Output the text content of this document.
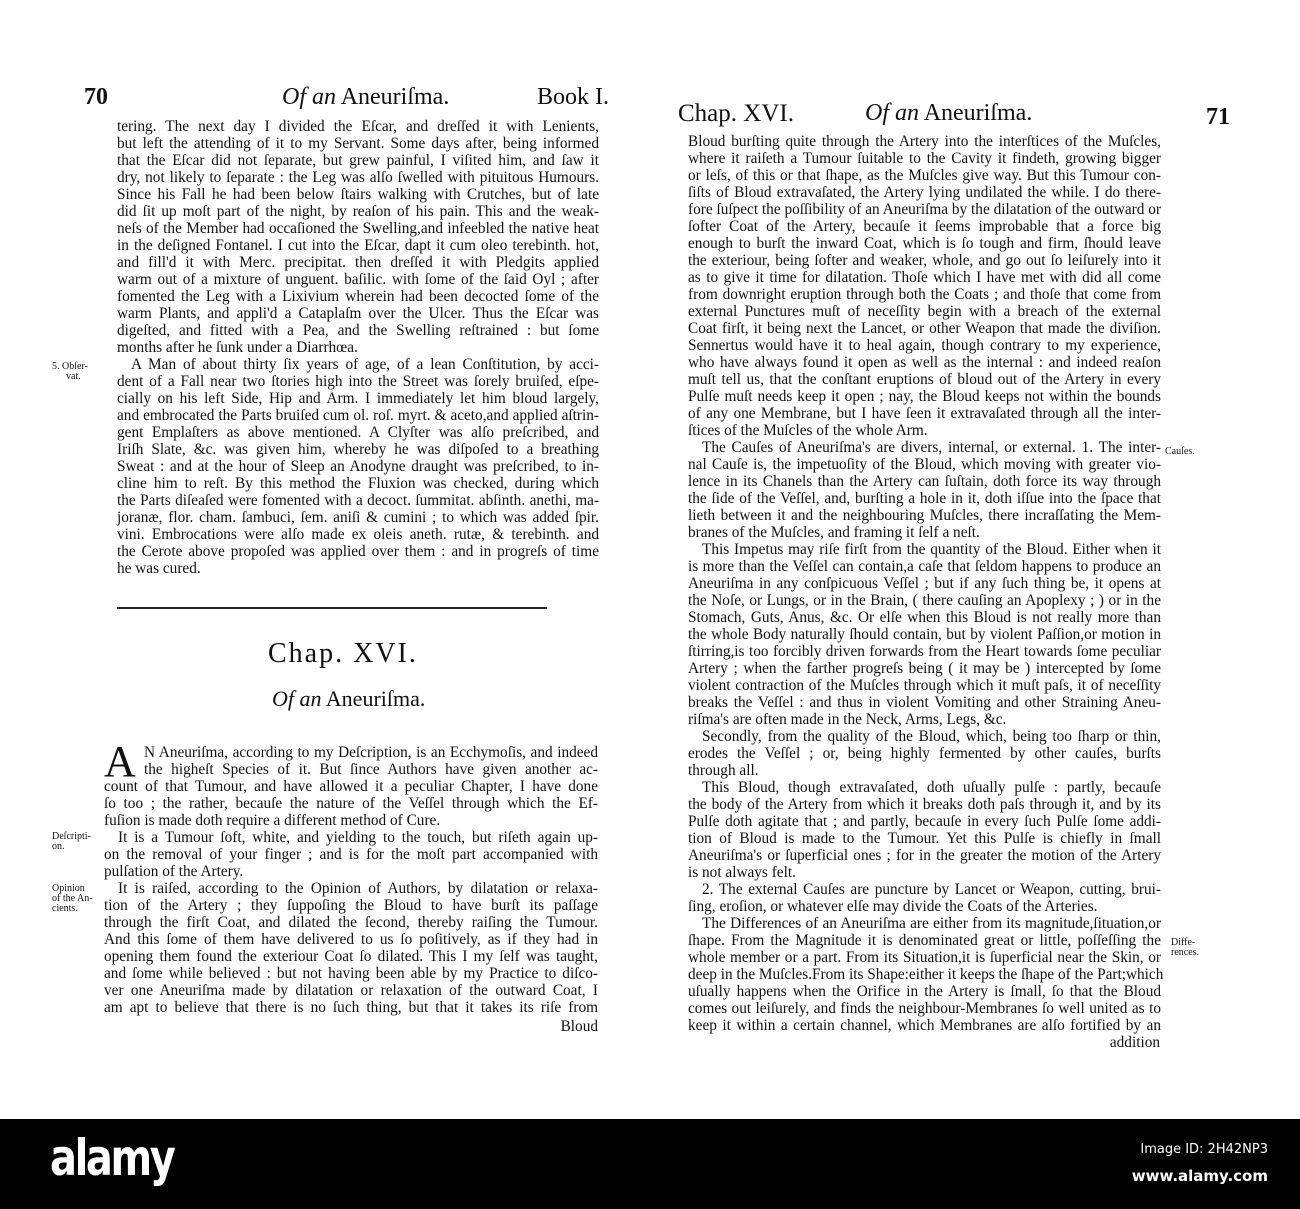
70	Of an Aneuriſma.	Book I.
tering. The next day I divided the Eſcar, and dreſſed it with Lenients,
but left the attending of it to my Servant. Some days after, being informed
that the Eſcar did not ſeparate, but grew painful, I viſited him, and ſaw it
dry, not likely to ſeparate : the Leg was alſo ſwelled with pituitous Humours.
Since his Fall he had been below ſtairs walking with Crutches, but of late
did ſit up moſt part of the night, by reaſon of his pain. This and the weak-
neſs of the Member had occaſioned the Swelling,and infeebled the native heat
in the deſigned Fontanel. I cut into the Eſcar, dapt it cum oleo terebinth. hot,
and fill'd it with Merc. precipitat. then dreſſed it with Pledgits applied
warm out of a mixture of unguent. baſilic. with ſome of the ſaid Oyl ; after
fomented the Leg with a Lixivium wherein had been decocted ſome of the
warm Plants, and appli'd a Cataplaſm over the Ulcer. Thus the Eſcar was
digeſted, and fitted with a Pea, and the Swelling reſtrained : but ſome
months after he ſunk under a Diarrhœa.
A Man of about thirty ſix years of age, of a lean Conſtitution, by acci-
dent of a Fall near two ſtories high into the Street was ſorely bruiſed, eſpe-
cially on his left Side, Hip and Arm. I immediately let him bloud largely,
and embrocated the Parts bruiſed cum ol. roſ. myrt. & aceto,and applied aſtrin-
gent Emplaſters as above mentioned. A Clyſter was alſo preſcribed, and
Iriſh Slate, &c. was given him, whereby he was diſpoſed to a breathing
Sweat : and at the hour of Sleep an Anodyne draught was preſcribed, to in-
cline him to reſt. By this method the Fluxion was checked, during which
the Parts diſeaſed were fomented with a decoct. ſummitat. abſinth. anethi, ma-
joranæ, flor. cham. ſambuci, ſem. aniſi & cumini ; to which was added ſpir.
vini. Embrocations were alſo made ex oleis aneth. rutæ, & terebinth. and
the Cerote above propoſed was applied over them : and in progreſs of time
he was cured.
5. Obſer-
vat.
Chap. XVI.
Of an Aneuriſma.
A N Aneuriſma, according to my Deſcription, is an Ecchymoſis, and indeed
the higheſt Species of it. But ſince Authors have given another ac-
count of that Tumour, and have allowed it a peculiar Chapter, I have done
ſo too ; the rather, becauſe the nature of the Veſſel through which the Ef-
fuſion is made doth require a different method of Cure.
It is a Tumour ſoft, white, and yielding to the touch, but riſeth again up-
on the removal of your finger ; and is for the moſt part accompanied with
pulſation of the Artery.
It is raiſed, according to the Opinion of Authors, by dilatation or relaxa-
tion of the Artery ; they ſuppoſing the Bloud to have burſt its paſſage
through the firſt Coat, and dilated the ſecond, thereby raiſing the Tumour.
And this ſome of them have delivered to us ſo poſitively, as if they had in
opening them found the exteriour Coat ſo dilated. This I my ſelf was taught,
and ſome while believed : but not having been able by my Practice to diſco-
ver one Aneuriſma made by dilatation or relaxation of the outward Coat, I
am apt to believe that there is no ſuch thing, but that it takes its riſe from
Bloud
Deſcripti-
on.
Opinion
of the An-
cients.
Chap. XVI.	Of an Aneuriſma.	71
Bloud burſting quite through the Artery into the interſtices of the Muſcles,
where it raiſeth a Tumour ſuitable to the Cavity it findeth, growing bigger
or leſs, of this or that ſhape, as the Muſcles give way. But this Tumour con-
ſiſts of Bloud extravaſated, the Artery lying undilated the while. I do there-
fore ſuſpect the poſſibility of an Aneuriſma by the dilatation of the outward or
ſofter Coat of the Artery, becauſe it ſeems improbable that a force big
enough to burſt the inward Coat, which is ſo tough and firm, ſhould leave
the exteriour, being ſofter and weaker, whole, and go out ſo leiſurely into it
as to give it time for dilatation. Thoſe which I have met with did all come
from downright eruption through both the Coats ; and thoſe that come from
external Punctures muſt of neceſſity begin with a breach of the external
Coat firſt, it being next the Lancet, or other Weapon that made the diviſion.
Sennertus would have it to heal again, though contrary to my experience,
who have always found it open as well as the internal : and indeed reaſon
muſt tell us, that the conſtant eruptions of bloud out of the Artery in every
Pulſe muſt needs keep it open ; nay, the Bloud keeps not within the bounds
of any one Membrane, but I have ſeen it extravaſated through all the inter-
ſtices of the Muſcles of the whole Arm.
The Cauſes of Aneuriſma's are divers, internal, or external. 1. The inter-
nal Cauſe is, the impetuoſity of the Bloud, which moving with greater vio-
lence in its Chanels than the Artery can ſuſtain, doth force its way through
the ſide of the Veſſel, and, burſting a hole in it, doth iſſue into the ſpace that
lieth between it and the neighbouring Muſcles, there incraſſating the Mem-
branes of the Muſcles, and framing it ſelf a neſt.
This Impetus may riſe firſt from the quantity of the Bloud. Either when it
is more than the Veſſel can contain,a caſe that ſeldom happens to produce an
Aneuriſma in any conſpicuous Veſſel ; but if any ſuch thing be, it opens at
the Noſe, or Lungs, or in the Brain, ( there cauſing an Apoplexy ; ) or in the
Stomach, Guts, Anus, &c. Or elſe when this Bloud is not really more than
the whole Body naturally ſhould contain, but by violent Paſſion,or motion in
ſtirring,is too forcibly driven forwards from the Heart towards ſome peculiar
Artery ; when the farther progreſs being ( it may be ) intercepted by ſome
violent contraction of the Muſcles through which it muſt paſs, it of neceſſity
breaks the Veſſel : and thus in violent Vomiting and other Straining Aneu-
riſma's are often made in the Neck, Arms, Legs, &c.
Secondly, from the quality of the Bloud, which, being too ſharp or thin,
erodes the Veſſel ; or, being highly fermented by other cauſes, burſts
through all.
This Bloud, though extravaſated, doth uſually pulſe : partly, becauſe
the body of the Artery from which it breaks doth paſs through it, and by its
Pulſe doth agitate that ; and partly, becauſe in every ſuch Pulſe ſome addi-
tion of Bloud is made to the Tumour. Yet this Pulſe is chiefly in ſmall
Aneuriſma's or ſuperficial ones ; for in the greater the motion of the Artery
is not always felt.
2. The external Cauſes are puncture by Lancet or Weapon, cutting, brui-
ſing, eroſion, or whatever elſe may divide the Coats of the Arteries.
The Differences of an Aneuriſma are either from its magnitude,ſituation,or
ſhape. From the Magnitude it is denominated great or little, poſſeſſing the
whole member or a part. From its Situation,it is ſuperficial near the Skin, or
deep in the Muſcles.From its Shape:either it keeps the ſhape of the Part;which
uſually happens when the Orifice in the Artery is ſmall, ſo that the Bloud
comes out leiſurely, and finds the neighbour-Membranes ſo well united as to
keep it within a certain channel, which Membranes are alſo fortified by an
addition
Cauſes.
Diffe-
rences.
alamy	Image ID: 2H42NP3
www.alamy.com
